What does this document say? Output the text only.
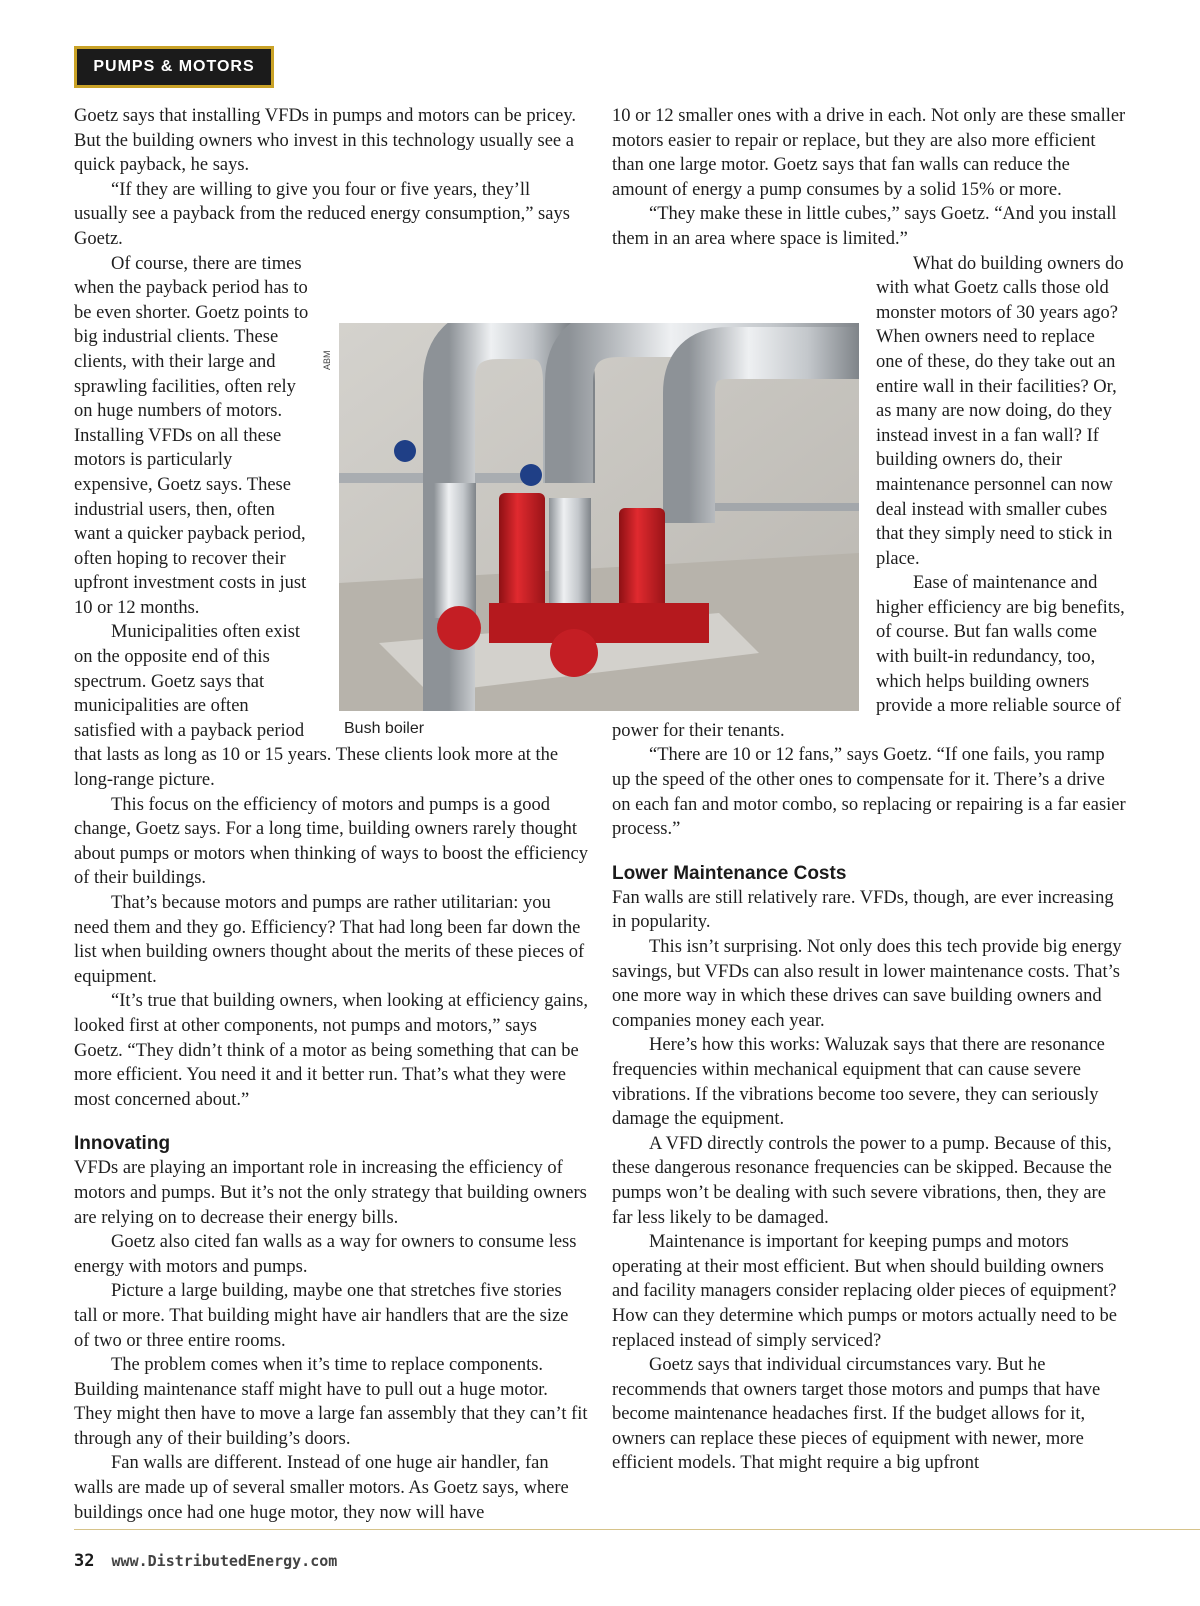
PUMPS & MOTORS

Goetz says that installing VFDs in pumps and motors can be pricey. But the building owners who invest in this technology usually see a quick payback, he says.

“If they are willing to give you four or five years, they’ll usually see a payback from the reduced energy consumption,” says Goetz.

Of course, there are times when the payback period has to be even shorter. Goetz points to big industrial clients. These clients, with their large and sprawling facilities, often rely on huge numbers of motors. Installing VFDs on all these motors is particularly expensive, Goetz says. These industrial users, then, often want a quicker payback period, often hoping to recover their upfront investment costs in just 10 or 12 months.

Municipalities often exist on the opposite end of this spectrum. Goetz says that municipalities are often satisfied with a payback period that lasts as long as 10 or 15 years. These clients look more at the long-range picture.

This focus on the efficiency of motors and pumps is a good change, Goetz says. For a long time, building owners rarely thought about pumps or motors when thinking of ways to boost the efficiency of their buildings.

That’s because motors and pumps are rather utilitarian: you need them and they go. Efficiency? That had long been far down the list when building owners thought about the merits of these pieces of equipment.

“It’s true that building owners, when looking at efficiency gains, looked first at other components, not pumps and motors,” says Goetz. “They didn’t think of a motor as being something that can be more efficient. You need it and it better run. That’s what they were most concerned about.”

Innovating

VFDs are playing an important role in increasing the efficiency of motors and pumps. But it’s not the only strategy that building owners are relying on to decrease their energy bills.

Goetz also cited fan walls as a way for owners to consume less energy with motors and pumps.

Picture a large building, maybe one that stretches five stories tall or more. That building might have air handlers that are the size of two or three entire rooms.

The problem comes when it’s time to replace components. Building maintenance staff might have to pull out a huge motor. They might then have to move a large fan assembly that they can’t fit through any of their building’s doors.

Fan walls are different. Instead of one huge air handler, fan walls are made up of several smaller motors. As Goetz says, where buildings once had one huge motor, they now will have

10 or 12 smaller ones with a drive in each. Not only are these smaller motors easier to repair or replace, but they are also more efficient than one large motor. Goetz says that fan walls can reduce the amount of energy a pump consumes by a solid 15% or more.

“They make these in little cubes,” says Goetz. “And you install them in an area where space is limited.”

What do building owners do with what Goetz calls those old monster motors of 30 years ago? When owners need to replace one of these, do they take out an entire wall in their facilities? Or, as many are now doing, do they instead invest in a fan wall? If building owners do, their maintenance personnel can now deal instead with smaller cubes that they simply need to stick in place.

Ease of maintenance and higher efficiency are big benefits, of course. But fan walls come with built-in redundancy, too, which helps building owners provide a more reliable source of power for their tenants.

“There are 10 or 12 fans,” says Goetz. “If one fails, you ramp up the speed of the other ones to compensate for it. There’s a drive on each fan and motor combo, so replacing or repairing is a far easier process.”

Lower Maintenance Costs

Fan walls are still relatively rare. VFDs, though, are ever increasing in popularity.

This isn’t surprising. Not only does this tech provide big energy savings, but VFDs can also result in lower maintenance costs. That’s one more way in which these drives can save building owners and companies money each year.

Here’s how this works: Waluzak says that there are resonance frequencies within mechanical equipment that can cause severe vibrations. If the vibrations become too severe, they can seriously damage the equipment.

A VFD directly controls the power to a pump. Because of this, these dangerous resonance frequencies can be skipped. Because the pumps won’t be dealing with such severe vibrations, then, they are far less likely to be damaged.

Maintenance is important for keeping pumps and motors operating at their most efficient. But when should building owners and facility managers consider replacing older pieces of equipment? How can they determine which pumps or motors actually need to be replaced instead of simply serviced?

Goetz says that individual circumstances vary. But he recommends that owners target those motors and pumps that have become maintenance headaches first. If the budget allows for it, owners can replace these pieces of equipment with newer, more efficient models. That might require a big upfront

ABM
Bush boiler
32 www.DistributedEnergy.com
